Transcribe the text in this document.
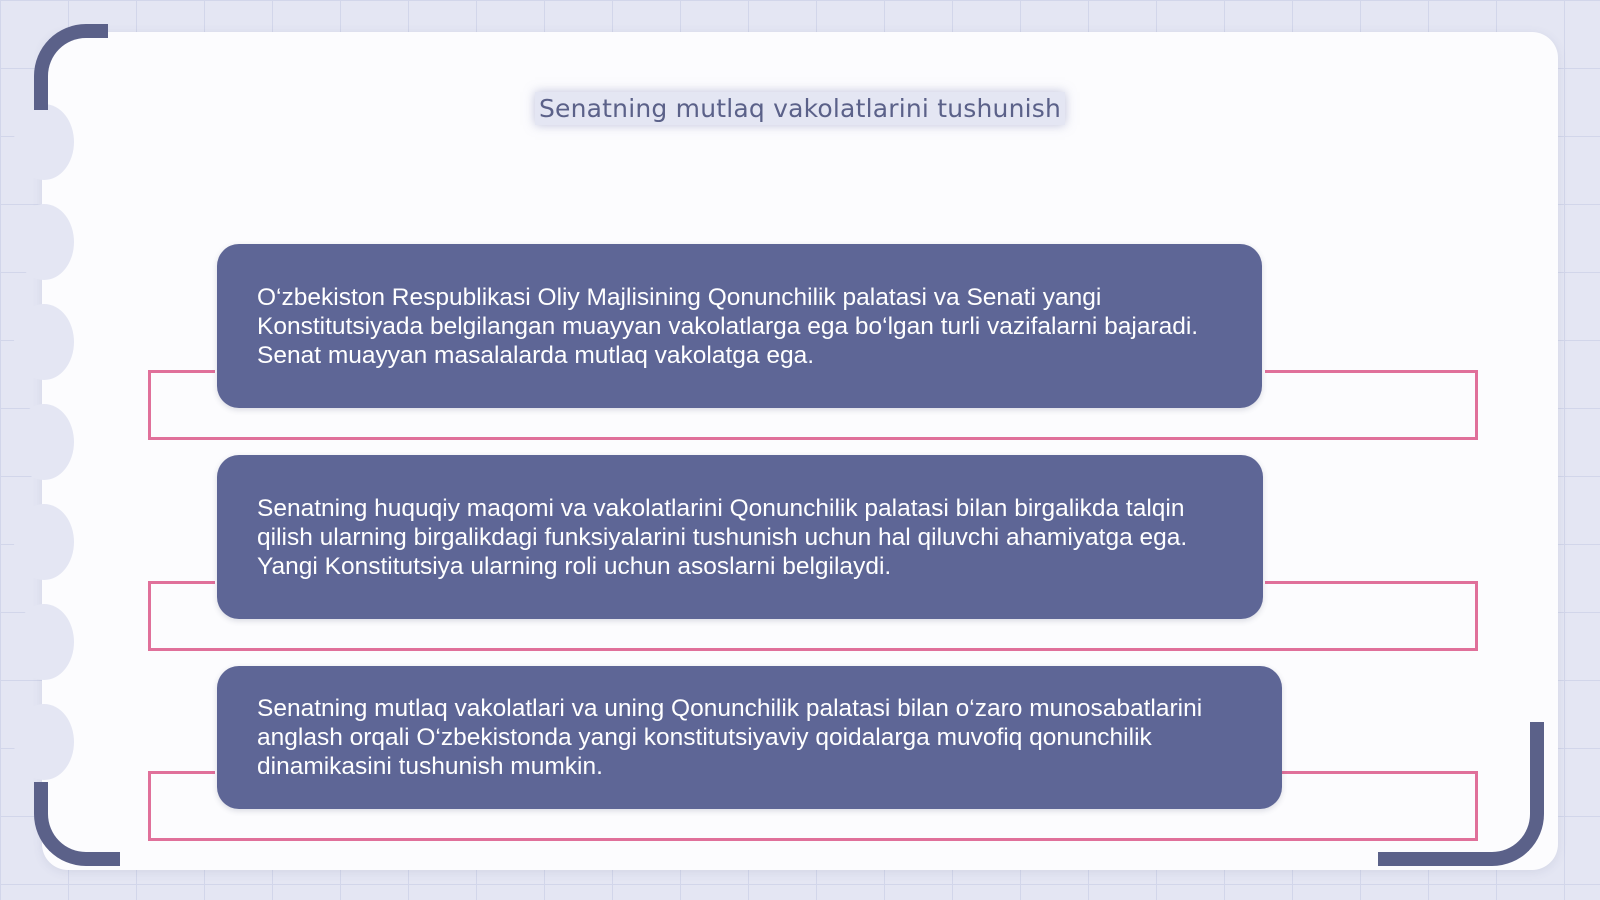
Senatning mutlaq vakolatlarini tushunish
O‘zbekiston Respublikasi Oliy Majlisining Qonunchilik palatasi va Senati yangi Konstitutsiyada belgilangan muayyan vakolatlarga ega bo‘lgan turli vazifalarni bajaradi. Senat muayyan masalalarda mutlaq vakolatga ega.
Senatning huquqiy maqomi va vakolatlarini Qonunchilik palatasi bilan birgalikda talqin qilish ularning birgalikdagi funksiyalarini tushunish uchun hal qiluvchi ahamiyatga ega. Yangi Konstitutsiya ularning roli uchun asoslarni belgilaydi.
Senatning mutlaq vakolatlari va uning Qonunchilik palatasi bilan o‘zaro munosabatlarini anglash orqali O‘zbekistonda yangi konstitutsiyaviy qoidalarga muvofiq qonunchilik dinamikasini tushunish mumkin.
